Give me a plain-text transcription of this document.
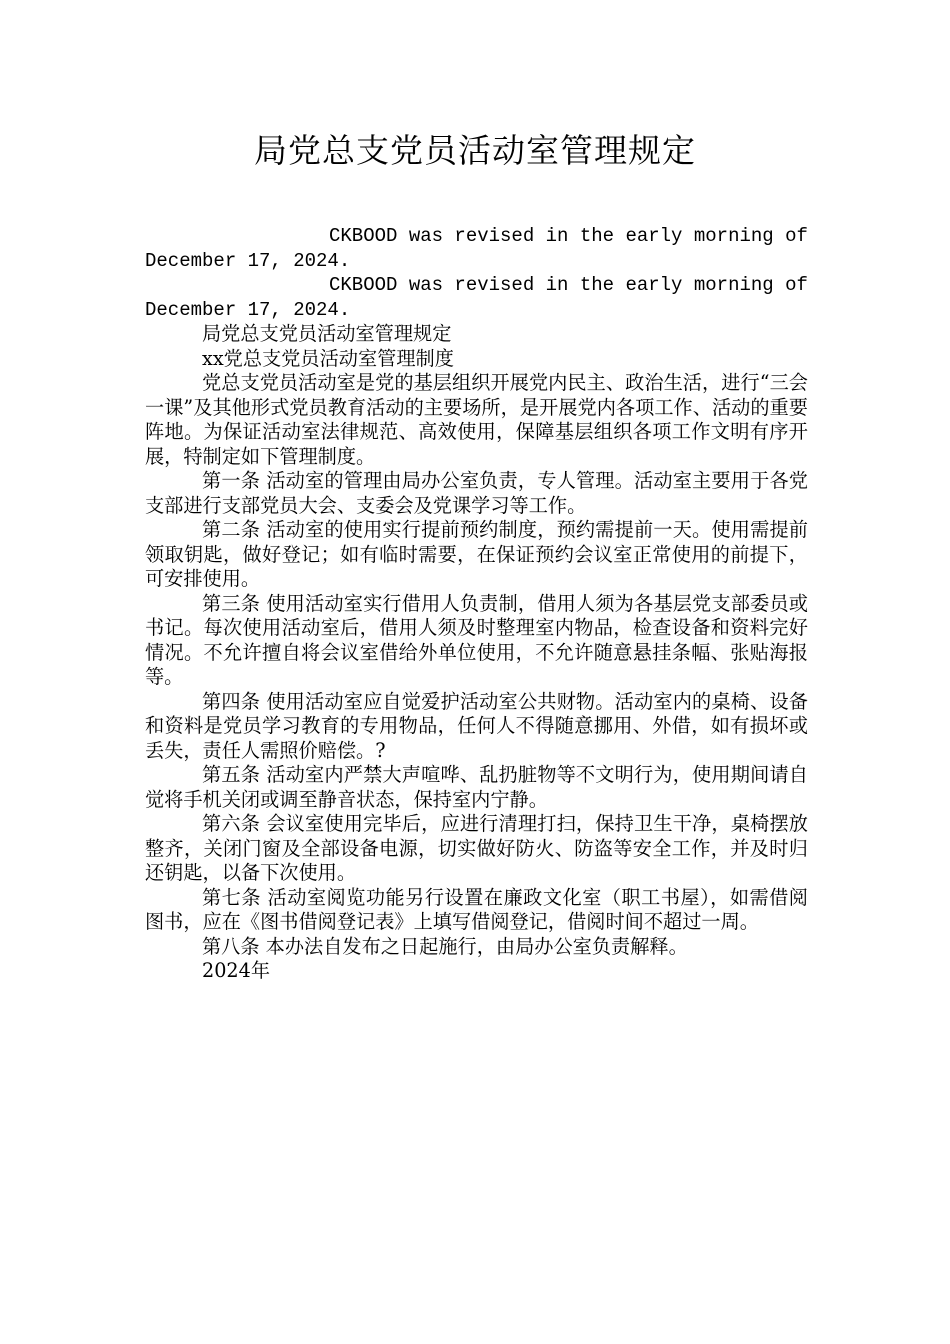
局党总支党员活动室管理规定

CKBOOD was revised in the early morning of December 17, 2024.

CKBOOD was revised in the early morning of December 17, 2024.

局党总支党员活动室管理规定

xx党总支党员活动室管理制度

党总支党员活动室是党的基层组织开展党内民主、政治生活，进行“三会一课”及其他形式党员教育活动的主要场所，是开展党内各项工作、活动的重要阵地。为保证活动室法律规范、高效使用，保障基层组织各项工作文明有序开展，特制定如下管理制度。

第一条 活动室的管理由局办公室负责，专人管理。活动室主要用于各党支部进行支部党员大会、支委会及党课学习等工作。

第二条 活动室的使用实行提前预约制度，预约需提前一天。使用需提前领取钥匙，做好登记；如有临时需要，在保证预约会议室正常使用的前提下，可安排使用。

第三条 使用活动室实行借用人负责制，借用人须为各基层党支部委员或书记。每次使用活动室后，借用人须及时整理室内物品，检查设备和资料完好情况。不允许擅自将会议室借给外单位使用，不允许随意悬挂条幅、张贴海报等。

第四条 使用活动室应自觉爱护活动室公共财物。活动室内的桌椅、设备和资料是党员学习教育的专用物品，任何人不得随意挪用、外借，如有损坏或丢失，责任人需照价赔偿。?

第五条 活动室内严禁大声喧哗、乱扔脏物等不文明行为，使用期间请自觉将手机关闭或调至静音状态，保持室内宁静。

第六条 会议室使用完毕后，应进行清理打扫，保持卫生干净，桌椅摆放整齐，关闭门窗及全部设备电源，切实做好防火、防盗等安全工作，并及时归还钥匙，以备下次使用。

第七条 活动室阅览功能另行设置在廉政文化室（职工书屋），如需借阅图书，应在《图书借阅登记表》上填写借阅登记，借阅时间不超过一周。

第八条 本办法自发布之日起施行，由局办公室负责解释。

2024年
